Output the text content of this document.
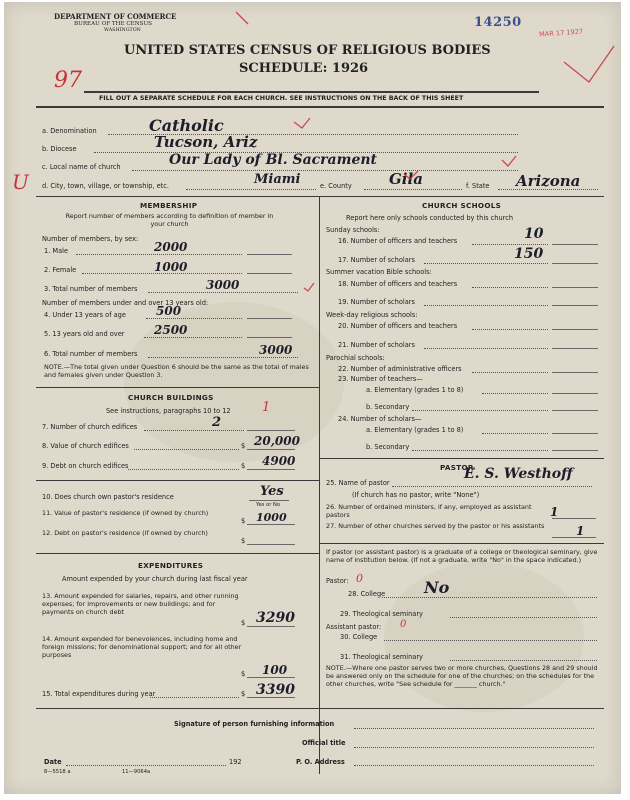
DEPARTMENT OF COMMERCE
BUREAU OF THE CENSUS
WASHINGTON
14250
MAR 17 1927
UNITED STATES CENSUS OF RELIGIOUS BODIES
SCHEDULE: 1926
97
FILL OUT A SEPARATE SCHEDULE FOR EACH CHURCH. SEE INSTRUCTIONS ON THE BACK OF THIS SHEET
a. Denomination	Catholic
b. Diocese	Tucson, Ariz
c. Local name of church	Our Lady of Bl. Sacrament
U d. City, town, village, or township, etc.	Miami	e. County Gila	f. State Arizona
MEMBERSHIP
Report number of members according to definition of member in your church
Number of members, by sex:
1. Male	2000
2. Female	1000
3. Total number of members	3000
Number of members under and over 13 years old:
4. Under 13 years of age	500
5. 13 years old and over 2500
6. Total number of members	3000
NOTE.—The total given under Question 6 should be the same as the total of males and females given under Question 3.
CHURCH BUILDINGS
See instructions, paragraphs 10 to 12 1
7. Number of church edifices	2
8. Value of church edifices	$ 20,000
9. Debt on church edifices	$ 4900
10. Does church own pastor's residence	Yes
Yes or No
11. Value of pastor's residence (if owned by church)
$ 1000
12. Debt on pastor's residence (if owned by church)
$
EXPENDITURES
Amount expended by your church during last fiscal year
13. Amount expended for salaries, repairs, and other running expenses; for improvements or new buildings; and for payments on church debt
$ 3290
14. Amount expended for benevolences, including home and foreign missions; for denominational support; and for all other purposes
$ 100
15. Total expenditures during year	$ 3390
CHURCH SCHOOLS
Report here only schools conducted by this church
Sunday schools:
16. Number of officers and teachers	10
17. Number of scholars	150
Summer vacation Bible schools:
18. Number of officers and teachers
19. Number of scholars
Week-day religious schools:
20. Number of officers and teachers
21. Number of scholars
Parochial schools:
22. Number of administrative officers
23. Number of teachers—
a. Elementary (grades 1 to 8)
b. Secondary
24. Number of scholars—
a. Elementary (grades 1 to 8)
b. Secondary
PASTOR
25. Name of pastor
E. S. Westhoff
(If church has no pastor, write "None")
26. Number of ordained ministers, if any, employed as assistant pastors	1
27. Number of other churches served by the pastor or his assistants	1
If pastor (or assistant pastor) is a graduate of a college or theological seminary, give name of institution below. (If not a graduate, write "No" in the space indicated.)
Pastor: 0
28. College No
29. Theological seminary
Assistant pastor: 0
30. College
31. Theological seminary
NOTE.—Where one pastor serves two or more churches, Questions 28 and 29 should be answered only on the schedule for one of the churches; on the schedules for the other churches, write "See schedule for _______ church."
Signature of person furnishing information
Official title
Date	192	P. O. Address
8—5518 a	11—9064a
